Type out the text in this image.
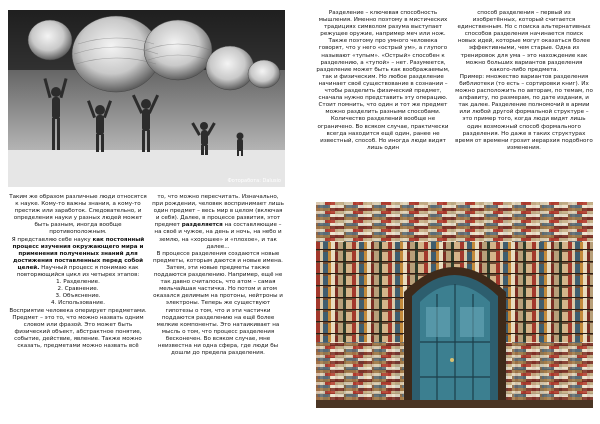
Фоторабота: Dalusio

Таким же образом различные люди относятся к науке. Кому-то важны знания, а кому-то престиж или заработок. Следовательно, и определения науки у разных людей может быть разным, иногда вообще противоположным.

Я представляю себе науку как постоянный процесс изучения окружающего мира и применения полученных знаний для достижения поставленных перед собой целей. Научный процесс я понимаю как повторяющийся цикл из четырех этапов:

1. Разделение.

2. Сравнение.

3. Объяснение.

4. Использование.

Восприятие человека оперирует предметами. Предмет – это то, что можно назвать одним словом или фразой. Это может быть физический объект, абстрактное понятие, событие, действие, явление. Также можно сказать, предметами можно назвать всё

то, что можно пересчитать. Изначально, при рождении, человек воспринимает лишь один предмет – весь мир в целом (включая и себя). Далее, в процессе развития, этот предмет разделяется на составляющие – на своё и чужое, на день и ночь, на небо и землю, на «хорошее» и «плохое», и так далее...

В процессе разделения создаются новые предметы, которым даются и новые имена. Затем, эти новые предметы также поддаются разделению. Например, ещё не так давно считалось, что атом – самая мельчайшая частичка. Но потом и атом оказался делимым на протоны, нейтроны и электроны. Теперь же существуют гипотезы о том, что и эти частички поддаются разделению на ещё более мелкие компоненты. Это натаикивает на мысль о том, что процесс разделения бесконечен. Во всяком случае, мне неизвестна ни одна сфера, где люди бы дошли до предела разделения.

Разделение – ключевая способность мышления. Именно поэтому в мистических традициях символом разума выступает режущее оружие, например меч или нож. Также поэтому про умного человека говорят, что у него «острый ум», а глупого называют «тупым». «Острый» способен к разделению, а «тупой» – нет. Разумеется, разделение может быть как воображаемым, так и физическим. Но любое разделение начинает своё существование в сознании – чтобы разделить физический предмет, сначала нужно представить эту операцию.

Стоит помнить, что один и тот же предмет можно разделить разными способами. Количество разделений вообще не ограничено. Во всяком случае, практически всегда находится ещё один, ранее не известный, способ. Но иногда люди видят лишь один

способ разделения – первый из изобретённых, который считается единственным. Но с поиска альтернативных способов разделения начинается поиск новых идей, которые могут оказаться более эффективными, чем старые. Одна из тренировок для ума – это нахождение как можно больших вариантов разделения какого-либо предмета.

Пример: множество вариантов разделения библиотеки (то есть – сортировки книг). Их можно расположить по авторам, по темам, по алфавиту, по размерам, по дате издания, и так далее. Разделение полномочий в армии или любой другой формальной структуре – это пример того, когда люди видят лишь один возможный способ формального разделения. Но даже в таких структурах время от времени грозит иерархия подобного изменения.
